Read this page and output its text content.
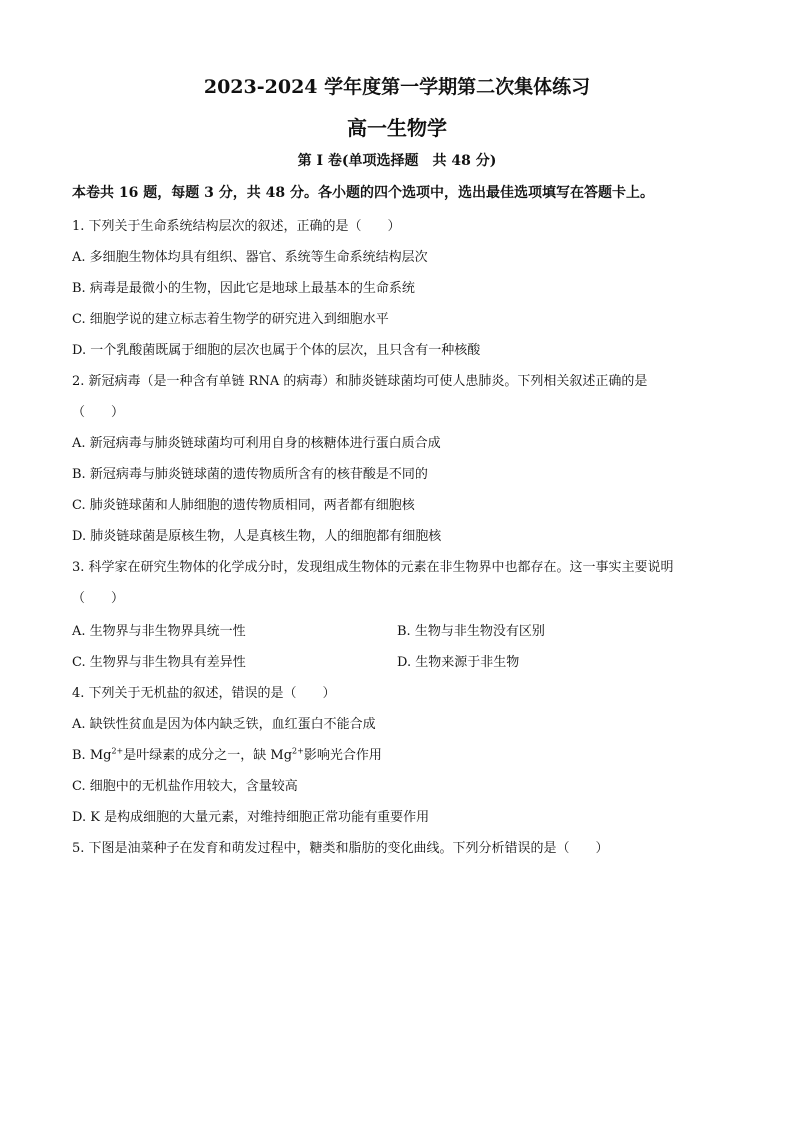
2023-2024 学年度第一学期第二次集体练习
高一生物学
第 I 卷(单项选择题　共 48 分)
本卷共 16 题，每题 3 分，共 48 分。各小题的四个选项中，选出最佳选项填写在答题卡上。
1. 下列关于生命系统结构层次的叙述，正确的是（　　）
A. 多细胞生物体均具有组织、器官、系统等生命系统结构层次
B. 病毒是最微小的生物，因此它是地球上最基本的生命系统
C. 细胞学说的建立标志着生物学的研究进入到细胞水平
D. 一个乳酸菌既属于细胞的层次也属于个体的层次，且只含有一种核酸
2. 新冠病毒（是一种含有单链 RNA 的病毒）和肺炎链球菌均可使人患肺炎。下列相关叙述正确的是
（　　）
A. 新冠病毒与肺炎链球菌均可利用自身的核糖体进行蛋白质合成
B. 新冠病毒与肺炎链球菌的遗传物质所含有的核苷酸是不同的
C. 肺炎链球菌和人肺细胞的遗传物质相同，两者都有细胞核
D. 肺炎链球菌是原核生物，人是真核生物，人的细胞都有细胞核
3. 科学家在研究生物体的化学成分时，发现组成生物体的元素在非生物界中也都存在。这一事实主要说明
（　　）
A. 生物界与非生物界具统一性	B. 生物与非生物没有区别
C. 生物界与非生物具有差异性	D. 生物来源于非生物
4. 下列关于无机盐的叙述，错误的是（　　）
A. 缺铁性贫血是因为体内缺乏铁，血红蛋白不能合成
B. $Mg^{2+}$是叶绿素的成分之一，缺 $Mg^{2+}$影响光合作用
C. 细胞中的无机盐作用较大，含量较高
D. K 是构成细胞的大量元素，对维持细胞正常功能有重要作用
5. 下图是油菜种子在发育和萌发过程中，糖类和脂肪的变化曲线。下列分析错误的是（　　）
